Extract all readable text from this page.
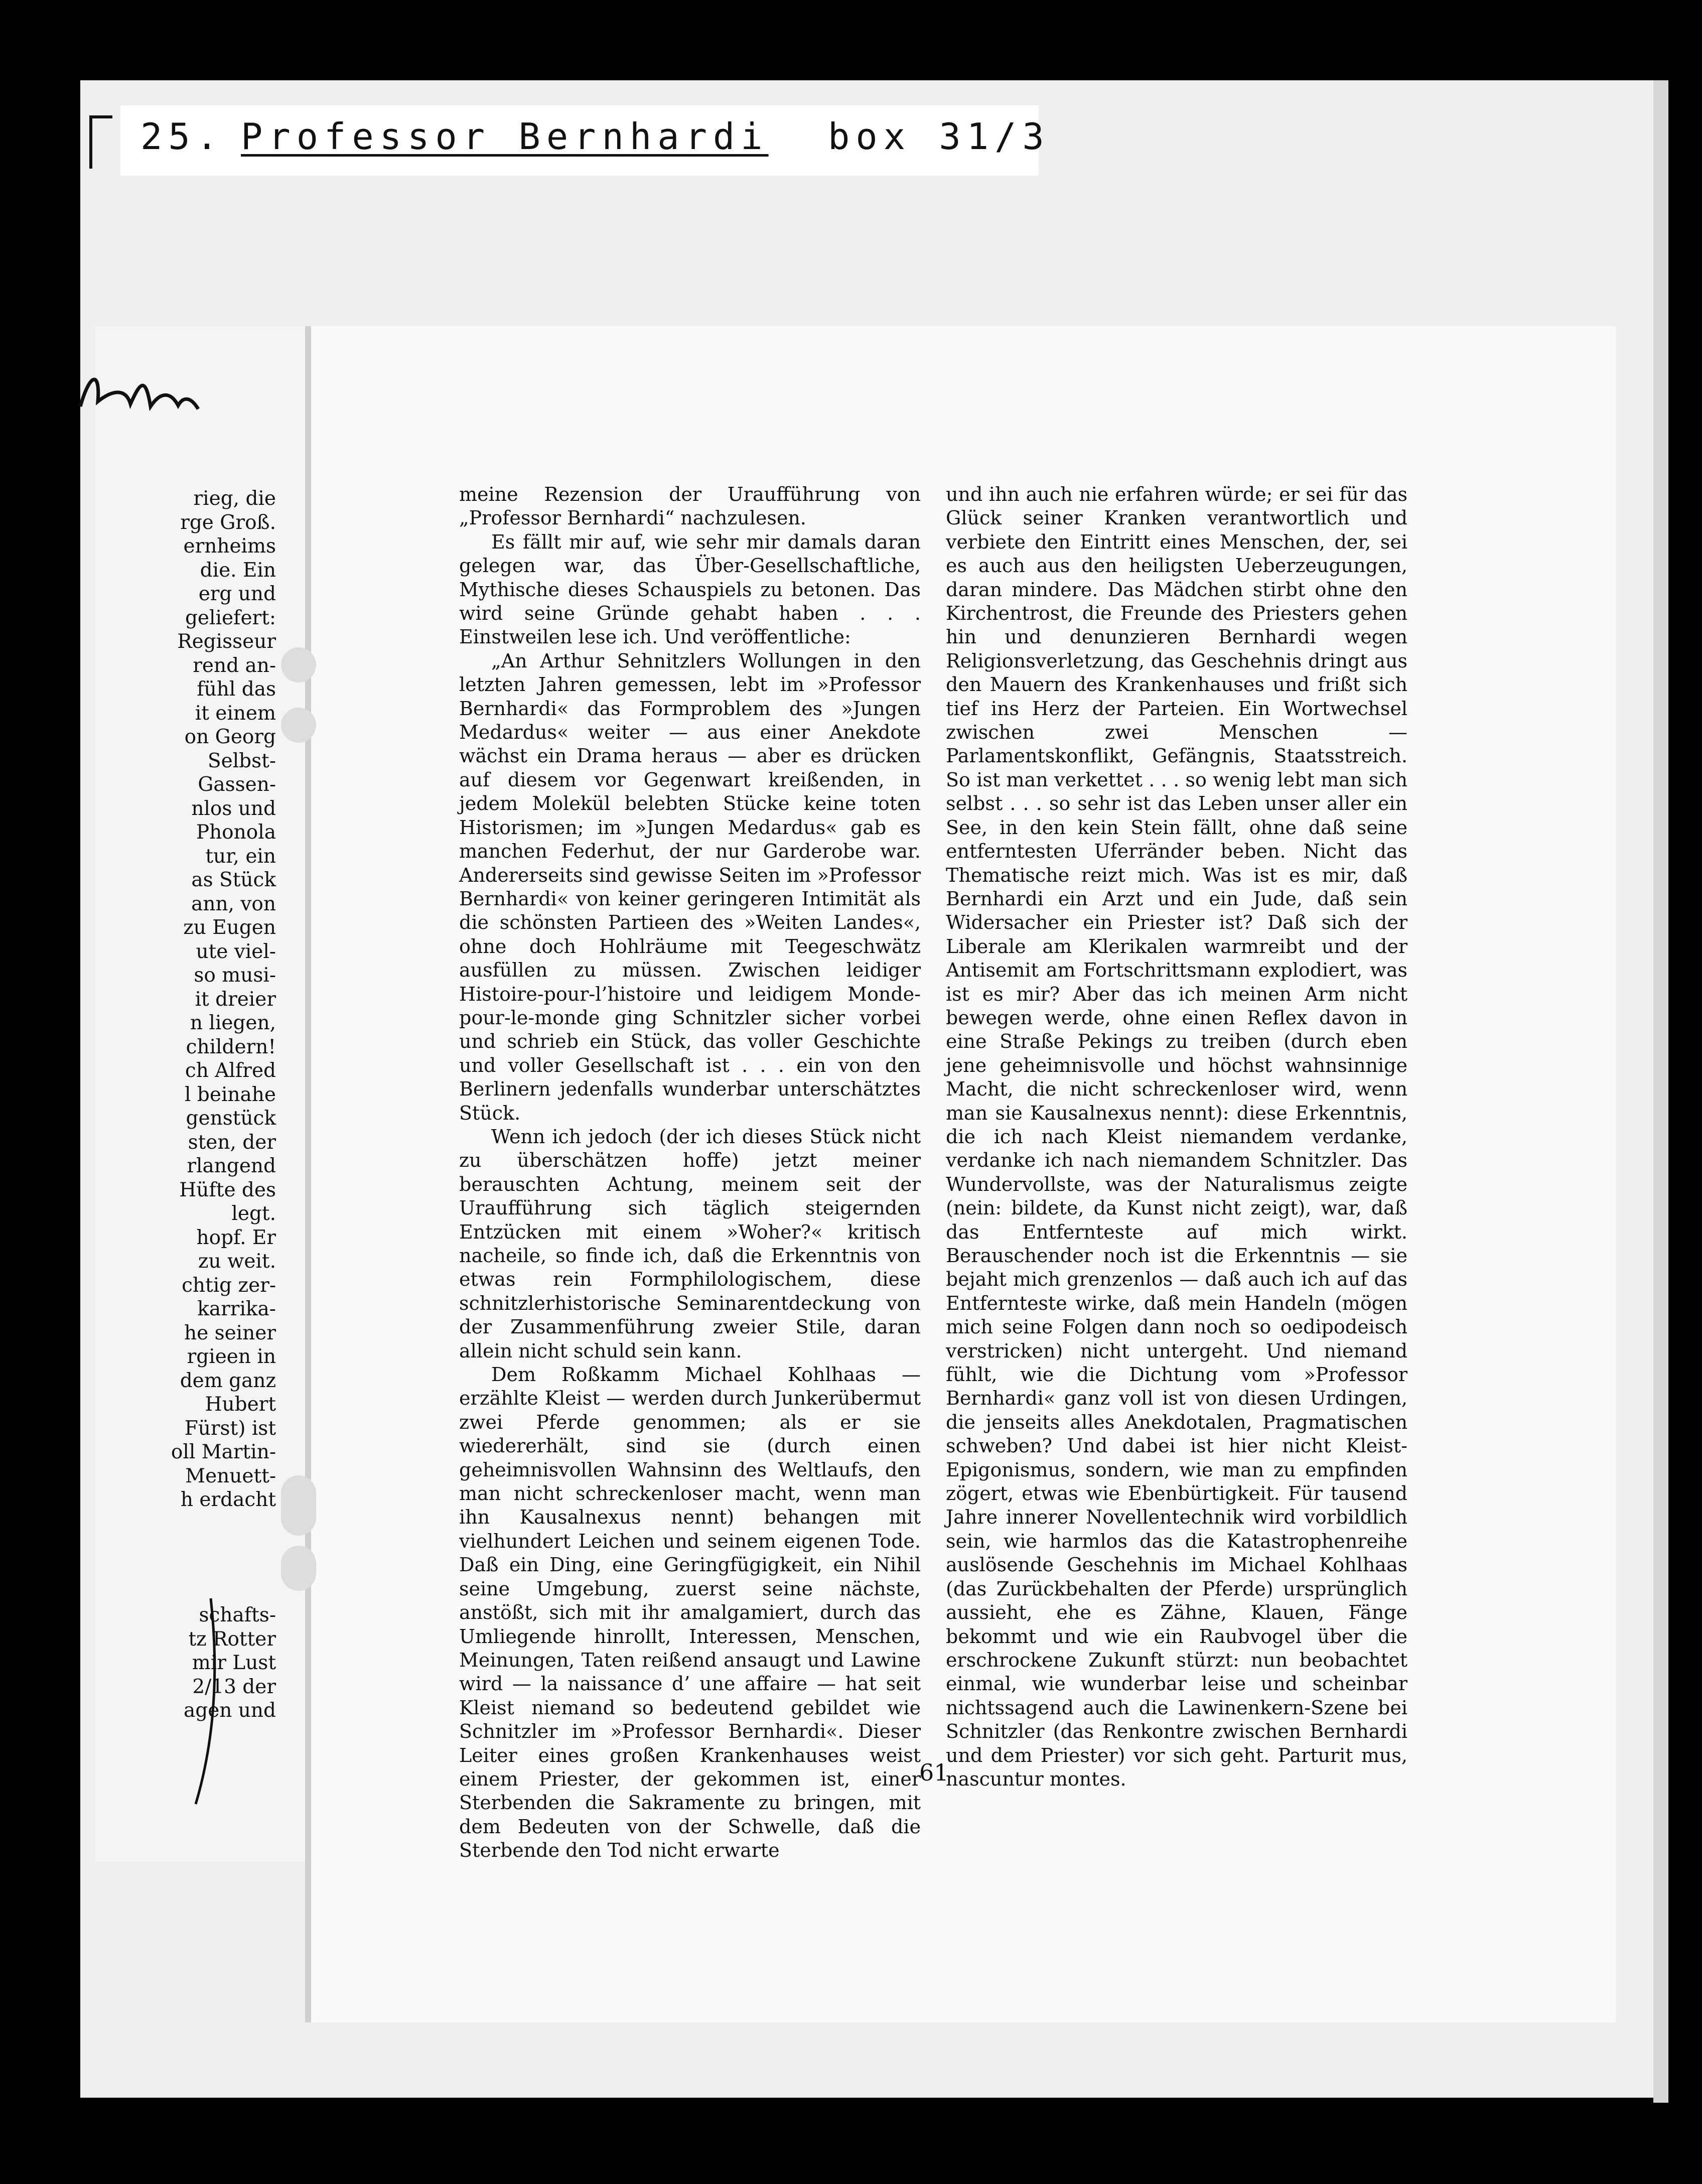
25. Professor Bernhardi box 31/3
rieg, die
rge Groß.
ernheims
die. Ein
erg und
geliefert:
Regisseur
rend an-
fühl das
it einem
on Georg
Selbst-
Gassen-
nlos und
Phonola
tur, ein
as Stück
ann, von
zu Eugen
ute viel-
so musi-
it dreier
n liegen,
childern!
ch Alfred
l beinahe
genstück
sten, der
rlangend
Hüfte des
legt.
hopf. Er
zu weit.
chtig zer-
karrika-
he seiner
rgieen in
dem ganz
Hubert
Fürst) ist
oll Martin-
Menuett-
h erdacht
schafts-
tz Rotter
mir Lust
2/13 der
agen und

meine Rezension der Uraufführung von „Professor Bernhardi“ nachzulesen.

Es fällt mir auf, wie sehr mir damals daran gelegen war, das Über-Gesellschaftliche, Mythische dieses Schauspiels zu betonen. Das wird seine Gründe gehabt haben . . . Einstweilen lese ich. Und veröffentliche:

„An Arthur Sehnitzlers Wollungen in den letzten Jahren gemessen, lebt im »Professor Bernhardi« das Formproblem des »Jungen Medardus« weiter — aus einer Anekdote wächst ein Drama heraus — aber es drücken auf diesem vor Gegenwart kreißenden, in jedem Molekül belebten Stücke keine toten Historismen; im »Jungen Medardus« gab es manchen Federhut, der nur Garderobe war. Andererseits sind gewisse Seiten im »Professor Bernhardi« von keiner geringeren Intimität als die schönsten Partieen des »Weiten Landes«, ohne doch Hohlräume mit Teegeschwätz ausfüllen zu müssen. Zwischen leidiger Histoire-pour-l’histoire und leidigem Monde-pour-le-monde ging Schnitzler sicher vorbei und schrieb ein Stück, das voller Geschichte und voller Gesellschaft ist . . . ein von den Berlinern jedenfalls wunderbar unterschätztes Stück.

Wenn ich jedoch (der ich dieses Stück nicht zu überschätzen hoffe) jetzt meiner berauschten Achtung, meinem seit der Uraufführung sich täglich steigernden Entzücken mit einem »Woher?« kritisch nacheile, so finde ich, daß die Erkenntnis von etwas rein Formphilologischem, diese schnitzlerhistorische Seminarentdeckung von der Zusammenführung zweier Stile, daran allein nicht schuld sein kann.

Dem Roßkamm Michael Kohlhaas — erzählte Kleist — werden durch Junkerübermut zwei Pferde genommen; als er sie wiedererhält, sind sie (durch einen geheimnisvollen Wahnsinn des Weltlaufs, den man nicht schreckenloser macht, wenn man ihn Kausalnexus nennt) behangen mit vielhundert Leichen und seinem eigenen Tode. Daß ein Ding, eine Geringfügigkeit, ein Nihil seine Umgebung, zuerst seine nächste, anstößt, sich mit ihr amalgamiert, durch das Umliegende hinrollt, Interessen, Menschen, Meinungen, Taten reißend ansaugt und Lawine wird — la naissance d’ une affaire — hat seit Kleist niemand so bedeutend gebildet wie Schnitzler im »Professor Bernhardi«. Dieser Leiter eines großen Krankenhauses weist einem Priester, der gekommen ist, einer Sterbenden die Sakramente zu bringen, mit dem Bedeuten von der Schwelle, daß die Sterbende den Tod nicht erwarte

und ihn auch nie erfahren würde; er sei für das Glück seiner Kranken verantwortlich und verbiete den Eintritt eines Menschen, der, sei es auch aus den heiligsten Ueberzeugungen, daran mindere. Das Mädchen stirbt ohne den Kirchentrost, die Freunde des Priesters gehen hin und denunzieren Bernhardi wegen Religionsverletzung, das Geschehnis dringt aus den Mauern des Krankenhauses und frißt sich tief ins Herz der Parteien. Ein Wortwechsel zwischen zwei Menschen — Parlamentskonflikt, Gefängnis, Staatsstreich. So ist man verkettet . . . so wenig lebt man sich selbst . . . so sehr ist das Leben unser aller ein See, in den kein Stein fällt, ohne daß seine entferntesten Uferränder beben. Nicht das Thematische reizt mich. Was ist es mir, daß Bernhardi ein Arzt und ein Jude, daß sein Widersacher ein Priester ist? Daß sich der Liberale am Klerikalen warmreibt und der Antisemit am Fortschrittsmann explodiert, was ist es mir? Aber das ich meinen Arm nicht bewegen werde, ohne einen Reflex davon in eine Straße Pekings zu treiben (durch eben jene geheimnisvolle und höchst wahnsinnige Macht, die nicht schreckenloser wird, wenn man sie Kausalnexus nennt): diese Erkenntnis, die ich nach Kleist niemandem verdanke, verdanke ich nach niemandem Schnitzler. Das Wundervollste, was der Naturalismus zeigte (nein: bildete, da Kunst nicht zeigt), war, daß das Entfernteste auf mich wirkt. Berauschender noch ist die Erkenntnis — sie bejaht mich grenzenlos — daß auch ich auf das Entfernteste wirke, daß mein Handeln (mögen mich seine Folgen dann noch so oedipodeisch verstricken) nicht untergeht. Und niemand fühlt, wie die Dichtung vom »Professor Bernhardi« ganz voll ist von diesen Urdingen, die jenseits alles Anekdotalen, Pragmatischen schweben? Und dabei ist hier nicht Kleist-Epigonismus, sondern, wie man zu empfinden zögert, etwas wie Ebenbürtigkeit. Für tausend Jahre innerer Novellentechnik wird vorbildlich sein, wie harmlos das die Katastrophenreihe auslösende Geschehnis im Michael Kohlhaas (das Zurückbehalten der Pferde) ursprünglich aussieht, ehe es Zähne, Klauen, Fänge bekommt und wie ein Raubvogel über die erschrockene Zukunft stürzt: nun beobachtet einmal, wie wunderbar leise und scheinbar nichtssagend auch die Lawinenkern-Szene bei Schnitzler (das Renkontre zwischen Bernhardi und dem Priester) vor sich geht. Parturit mus, nascuntur montes.

61
